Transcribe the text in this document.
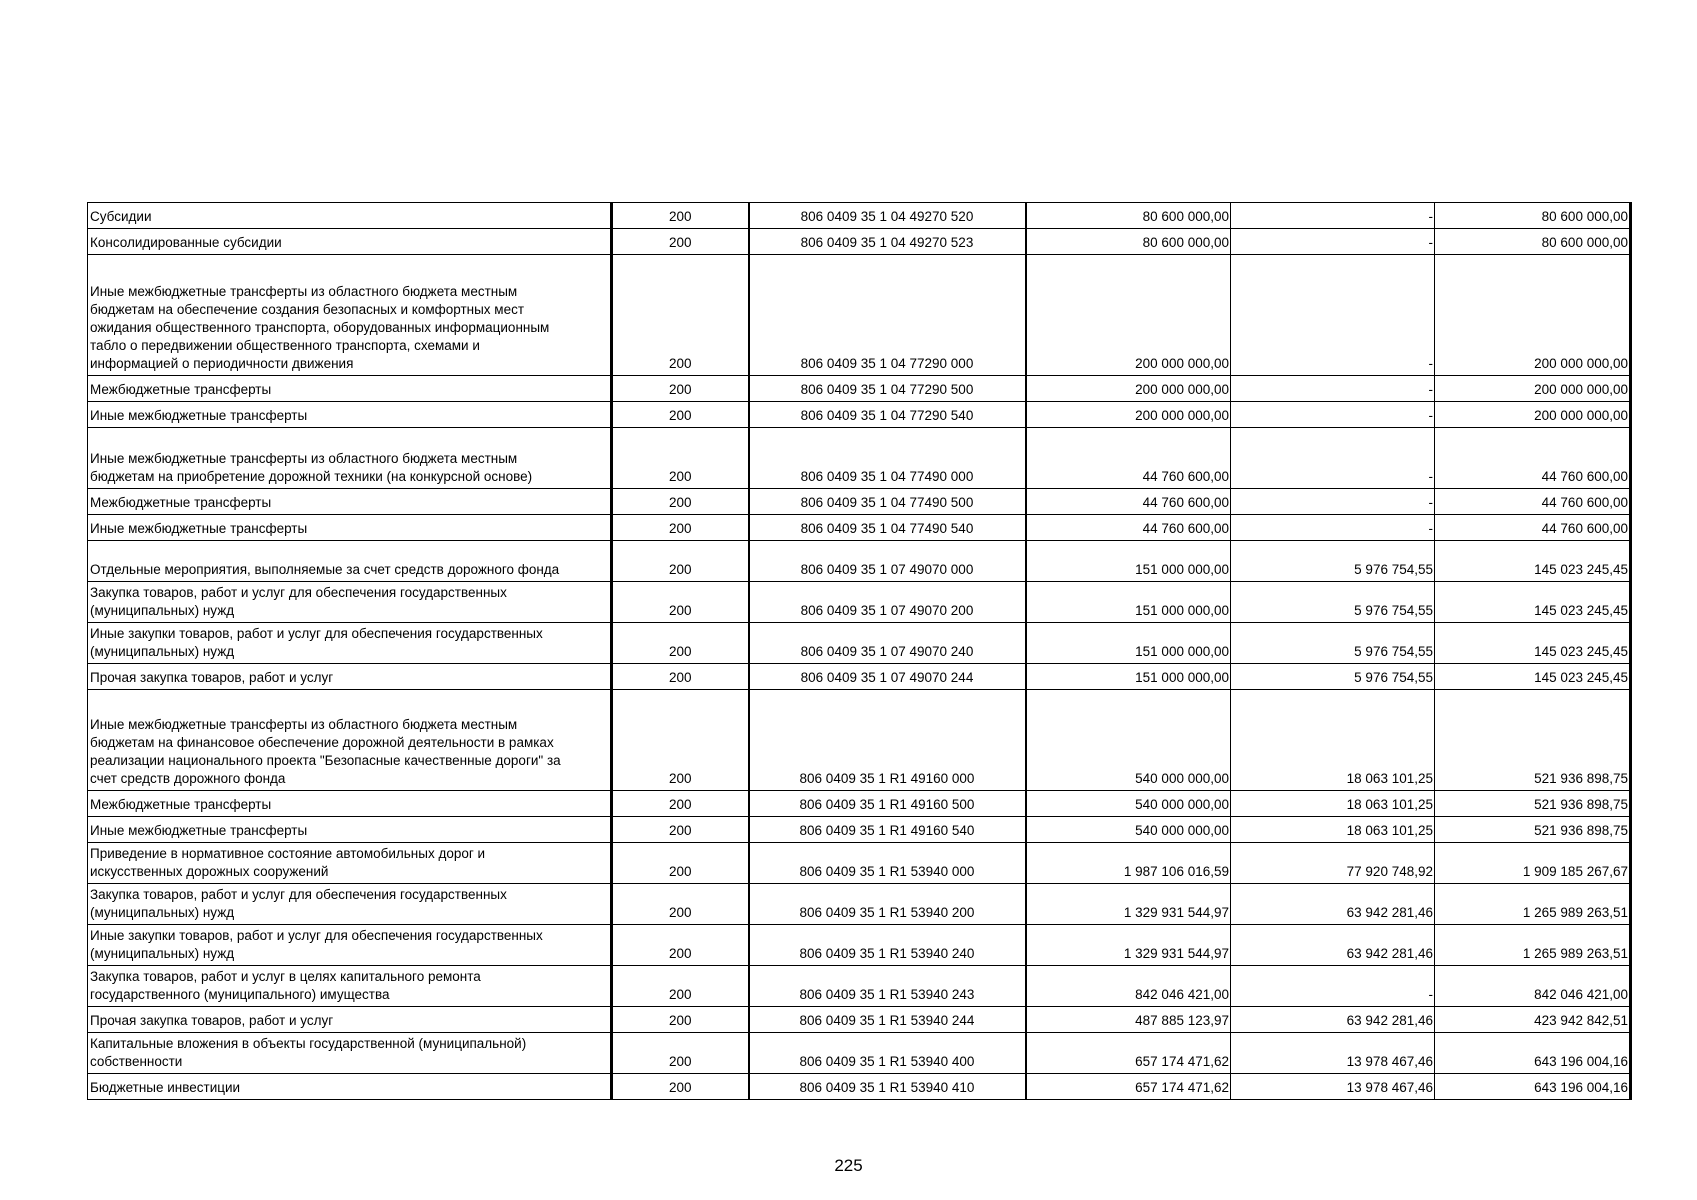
Субсидии	200	806 0409 35 1 04 49270 520	80 600 000,00	-	80 600 000,00

Консолидированные субсидии	200	806 0409 35 1 04 49270 523	80 600 000,00	-	80 600 000,00

Иные межбюджетные трансферты из областного бюджета местным
бюджетам на обеспечение создания безопасных и комфортных мест
ожидания общественного транспорта, оборудованных информационным
табло о передвижении общественного транспорта, схемами и
информацией о периодичности движения	200	806 0409 35 1 04 77290 000	200 000 000,00	-	200 000 000,00

Межбюджетные трансферты	200	806 0409 35 1 04 77290 500	200 000 000,00	-	200 000 000,00

Иные межбюджетные трансферты	200	806 0409 35 1 04 77290 540	200 000 000,00	-	200 000 000,00

Иные межбюджетные трансферты из областного бюджета местным
бюджетам на приобретение дорожной техники (на конкурсной основе)	200	806 0409 35 1 04 77490 000	44 760 600,00	-	44 760 600,00

Межбюджетные трансферты	200	806 0409 35 1 04 77490 500	44 760 600,00	-	44 760 600,00

Иные межбюджетные трансферты	200	806 0409 35 1 04 77490 540	44 760 600,00	-	44 760 600,00

Отдельные мероприятия, выполняемые за счет средств дорожного фонда	200	806 0409 35 1 07 49070 000	151 000 000,00	5 976 754,55	145 023 245,45

Закупка товаров, работ и услуг для обеспечения государственных
(муниципальных) нужд	200	806 0409 35 1 07 49070 200	151 000 000,00	5 976 754,55	145 023 245,45

Иные закупки товаров, работ и услуг для обеспечения государственных
(муниципальных) нужд	200	806 0409 35 1 07 49070 240	151 000 000,00	5 976 754,55	145 023 245,45

Прочая закупка товаров, работ и услуг	200	806 0409 35 1 07 49070 244	151 000 000,00	5 976 754,55	145 023 245,45

Иные межбюджетные трансферты из областного бюджета местным
бюджетам на финансовое обеспечение дорожной деятельности в рамках
реализации национального проекта "Безопасные качественные дороги" за
счет средств дорожного фонда	200	806 0409 35 1 R1 49160 000	540 000 000,00	18 063 101,25	521 936 898,75

Межбюджетные трансферты	200	806 0409 35 1 R1 49160 500	540 000 000,00	18 063 101,25	521 936 898,75

Иные межбюджетные трансферты	200	806 0409 35 1 R1 49160 540	540 000 000,00	18 063 101,25	521 936 898,75

Приведение в нормативное состояние автомобильных дорог и
искусственных дорожных сооружений	200	806 0409 35 1 R1 53940 000	1 987 106 016,59	77 920 748,92	1 909 185 267,67

Закупка товаров, работ и услуг для обеспечения государственных
(муниципальных) нужд	200	806 0409 35 1 R1 53940 200	1 329 931 544,97	63 942 281,46	1 265 989 263,51

Иные закупки товаров, работ и услуг для обеспечения государственных
(муниципальных) нужд	200	806 0409 35 1 R1 53940 240	1 329 931 544,97	63 942 281,46	1 265 989 263,51

Закупка товаров, работ и услуг в целях капитального ремонта
государственного (муниципального) имущества	200	806 0409 35 1 R1 53940 243	842 046 421,00	-	842 046 421,00

Прочая закупка товаров, работ и услуг	200	806 0409 35 1 R1 53940 244	487 885 123,97	63 942 281,46	423 942 842,51

Капитальные вложения в объекты государственной (муниципальной)
собственности	200	806 0409 35 1 R1 53940 400	657 174 471,62	13 978 467,46	643 196 004,16

Бюджетные инвестиции	200	806 0409 35 1 R1 53940 410	657 174 471,62	13 978 467,46	643 196 004,16
225
